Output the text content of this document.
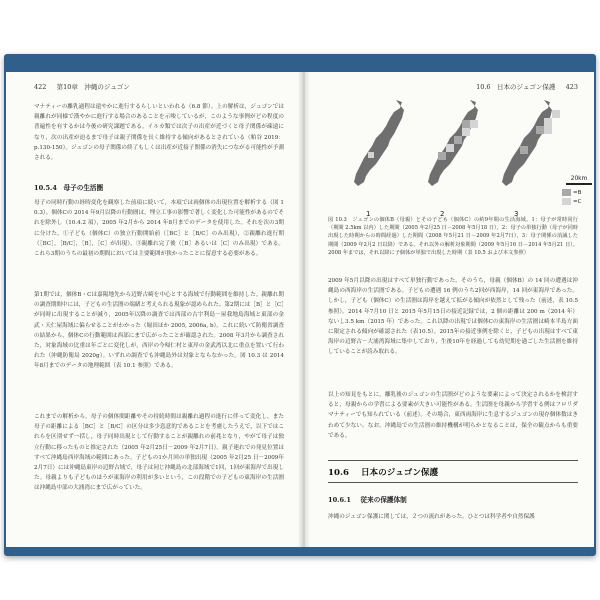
422 第10章　沖縄のジュゴン
マナティーの離乳過程は遠やかに進行するらしいといわれる（6.8 節）。上の解析は，ジュゴンでは親離れが同様で漢やかに進行する場合のあることを示唆しているが，このような事例がどの程度の普遍性を有するかは今後の研究課題である。イルカ類では次子の出産が近づくと母子関係が疎遠になり，次の出産が迫るまで母子は親子関係を長く維持する傾向があるとされている（粕谷 2019：p.130-150）。ジュゴンの母子関係の終了もしくは出産が近接子関係の消失につながる可能性が予測される。
10.5.4　母子の生活圏
母子の同時行動の経時変化を観察した前項に続いて，本項では両個体の出現位置を解析する（図 10.3）。個体Cの 2014 年9月以降の行動圏は，埋立工事の影響で著しく変化した可能性があるのでそれを除外し（10.4.2 項），2005 年2月から 2014 年8月までのデータを使用した。それを次の3期に分けた。①子ども（個体C）の独立行動開始前（［BC］と［B/C］のみ出現），②親離れ進行期（［BC］，［B/C］，［B］，［C］が出現），③親離れ完了後（［B］あるいは［C］のみ出現）である。これら3期のうちの最初の期間においては主要範囲が狭かったことに留意する必要がある。
第1期では，個体B・Cは嘉陽地先から辺野古崎を中心とする海域で行動範囲を維持した。親離れ期の調査期間中には，子どもの生活圏の端緒と考えられる現象が認められた。第2期には［B］と［C］が同時に出現することが減り，2005年以降の調査では西部の古宇利島－屋我地島海域と東部の金武・天仁屋海域に偏らせることがわかった（堀田ほか 2005, 2006a, b）。これに続いて防衛省調査の結果から，個体Cの行動範囲は西部にまで広がったことが確認された。2008 年3月から調査された，対象海域の比重は年ごとに変化しが，西岸の今帰仁村と東岸の金武湾以北に重点を置いて行われた（沖縄防衛局 2020g）。いずれの調査でも沖縄島外は対象とならなかった。図 10.3 は 2014 年8月までのデータの地理範囲（表 10.1 参照）である。
これまでの解析から，母子の個体間距離やその持続時間は親離れ過程の進行に伴って変化し，また母子の距離による［BC］と［B/C］の区分は多少恣意的であることを考慮したうえで，以下ではこれらを区別せず一括し，母子同時出現として行動することが親離れの前兆となり，やがて母子は独立行動に移ったものと推定された（2005 年2月25日－2009 年2月7日）。親子連れでの発見位置はすべて沖縄島西岸海域の範囲にあった。子どもの1か月回の単独出現（2005 年2月25 日－2009年2月7日）には沖縄島東岸の辺野古域で，母子は同じ沖縄島の北部海域で1回，1回が東海岸で出現した。母親よりも子どものほうが東海岸の利用が多いという，この段階での子どもの東海岸の生活圏は沖縄島中部の大浦湾にまで広がっていた。
10.6　日本のジュゴン保護 423
1	2	3
20km
=B
=C
図 10.3　ジュゴンの個体B（母親）とその子ども（個体C）の約9年間の生活海域。1：母子が常時同行（期間 2.5km 以内）した期間（2005 年2月25 日－2008 年5月18 日），2：母子の単独行動（母子が同時出現した時期からの時間経過）した期間（2008 年5月21 日－2009 年2月7日），3：母子関係の消滅した期間（2009 年2月2 日以降）である。それ以外の解析対象期間（2009 年5月16 日－2014 年5月21 日）。2008 年までは，それ以降に子個体が単独で出現した時期（表 10.5 および本文参照）
2009 年5月以降の出現はすべて単独行動であった。そのうち，母親（個体B）の 14 回の遭遇は沖縄島の西海岸の生活圏である。子どもの遭遇 16 例のうち2回が西海岸，14 回が東海岸であった。しかし，子ども（個体C）の生活圏は海岸を越えて拡がる傾向が依然として残った（前述，表 10.5 参照）。2014 年7月10 日と 2015 年5月15日の接近記録では，2 個の距離は 200 m（2014 年）ないし3.5 km（2015 年）であった。これ以降の出現では個体Cの東海岸の生活圏は崎本半島方面に限定される傾向が確認された（表10.5）。2015年の接近事例を除くと，子どもの出現はすべて東海岸の辺野古－大浦湾海域に集中しており，生後10年を経過しても幼児期を過ごした生活圏を維持していることが読み取れる。
以上の知見をもとに，離乳後のジュゴンの生活圏がどのような要素によって決定されるかを検討すると，母親からの学習による要素が大きい可能性がある。生活圏を母親から学習する例はフロリダマナティーでも知られている（前述）。その場合，東西両海岸に生息するジュゴンの現存個体数はきわめて少ない。なお，沖縄島での生活圏の維持機構が明らかとなることは，保全の観点からも重要である。
10.6 日本のジュゴン保護
10.6.1 従来の保護体制
沖縄のジュゴン保護に関しては，２つの流れがあった。ひとつは科学者や自然保護
